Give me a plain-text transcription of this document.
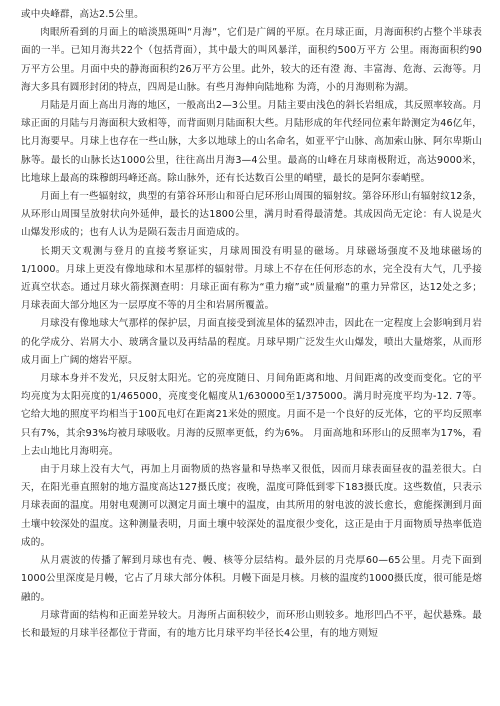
或中央峰群，高达2.5公里。

肉眼所看到的月面上的暗淡黑斑叫“月海”，它们是广阔的平原。在月球正面，月海面积约占整个半球表面的一半。已知月海共22个（包括背面），其中最大的叫风暴洋，面积约500万平方 公里。雨海面积约90万平方公里。月面中央的静海面积约26万平方公里。此外，较大的还有澄 海、丰富海、危海、云海等。月海大多具有圆形封闭的特点，四周是山脉。有些月海伸向陆地称 为湾，小的月海则称为湖。

月陆是月面上高出月海的地区，一般高出2—3公里。月陆主要由浅色的斜长岩组成，其反照率较高。月球正面的月陆与月海面积大致相等，而背面则月陆面积大些。月陆形成的年代经同位素年龄测定为46亿年，比月海要早。月球上也存在一些山脉，大多以地球上的山名命名，如亚平宁山脉、高加索山脉、阿尔卑斯山脉等。最长的山脉长达1000公里，往往高出月海3—4公里。最高的山峰在月球南极附近，高达9000米，比地球上最高的珠穆朗玛峰还高。除山脉外，还有长达数百公里的峭壁，最长的是阿尔泰峭壁。

月面上有一些辐射纹，典型的有第谷环形山和哥白尼环形山周围的辐射纹。第谷环形山有辐射纹12条，从环形山周围呈放射状向外延伸，最长的达1800公里，满月时看得最清楚。其成因尚无定论：有人说是火山爆发形成的；也有人认为是陨石轰击月面造成的。

长期天文观测与登月的直接考察证实，月球周围没有明显的磁场。月球磁场强度不及地球磁场的1/1000。月球上更没有像地球和木星那样的辐射带。月球上不存在任何形态的水，完全没有大气，几乎接近真空状态。通过月球火箭探测查明：月球正面有称为“重力瘤”或“质量瘤”的重力异常区，达12处之多；月球表面大部分地区为一层厚度不等的月尘和岩屑所覆盖。

月球没有像地球大气那样的保护层，月面直接受到流星体的猛烈冲击，因此在一定程度上会影响到月岩的化学成分、岩屑大小、玻璃含量以及再结晶的程度。月球早期广泛发生火山爆发，喷出大量熔浆，从而形成月面上广阔的熔岩平原。

月球本身并不发光，只反射太阳光。它的亮度随日、月间角距离和地、月间距离的改变而变化。它的平均亮度为太阳亮度的1/465000，亮度变化幅度从1/630000至1/375000。满月时亮度平均为-12. 7等。它给大地的照度平均相当于100瓦电灯在距离21米处的照度。月面不是一个良好的反光体，它的平均反照率只有7%，其余93%均被月球吸收。月海的反照率更低，约为6%。 月面高地和环形山的反照率为17%，看上去山地比月海明亮。

由于月球上没有大气，再加上月面物质的热容量和导热率又很低，因而月球表面昼夜的温差很大。白天，在阳光垂直照射的地方温度高达127摄氏度；夜晚，温度可降低到零下183摄氏度。这些数值，只表示月球表面的温度。用射电观测可以测定月面土壤中的温度，由其所用的射电波的波长愈长，愈能探测到月面土壤中较深处的温度。这种测量表明，月面土壤中较深处的温度很少变化，这正是由于月面物质导热率低造成的。

从月震波的传播了解到月球也有壳、幔、核等分层结构。最外层的月壳厚60—65公里。月壳下面到1000公里深度是月幔，它占了月球大部分体积。月幔下面是月核。月核的温度约1000摄氏度，很可能是熔融的。

月球背面的结构和正面差异较大。月海所占面积较少，而环形山则较多。地形凹凸不平，起伏悬殊。最长和最短的月球半径都位于背面，有的地方比月球平均半径长4公里，有的地方则短
